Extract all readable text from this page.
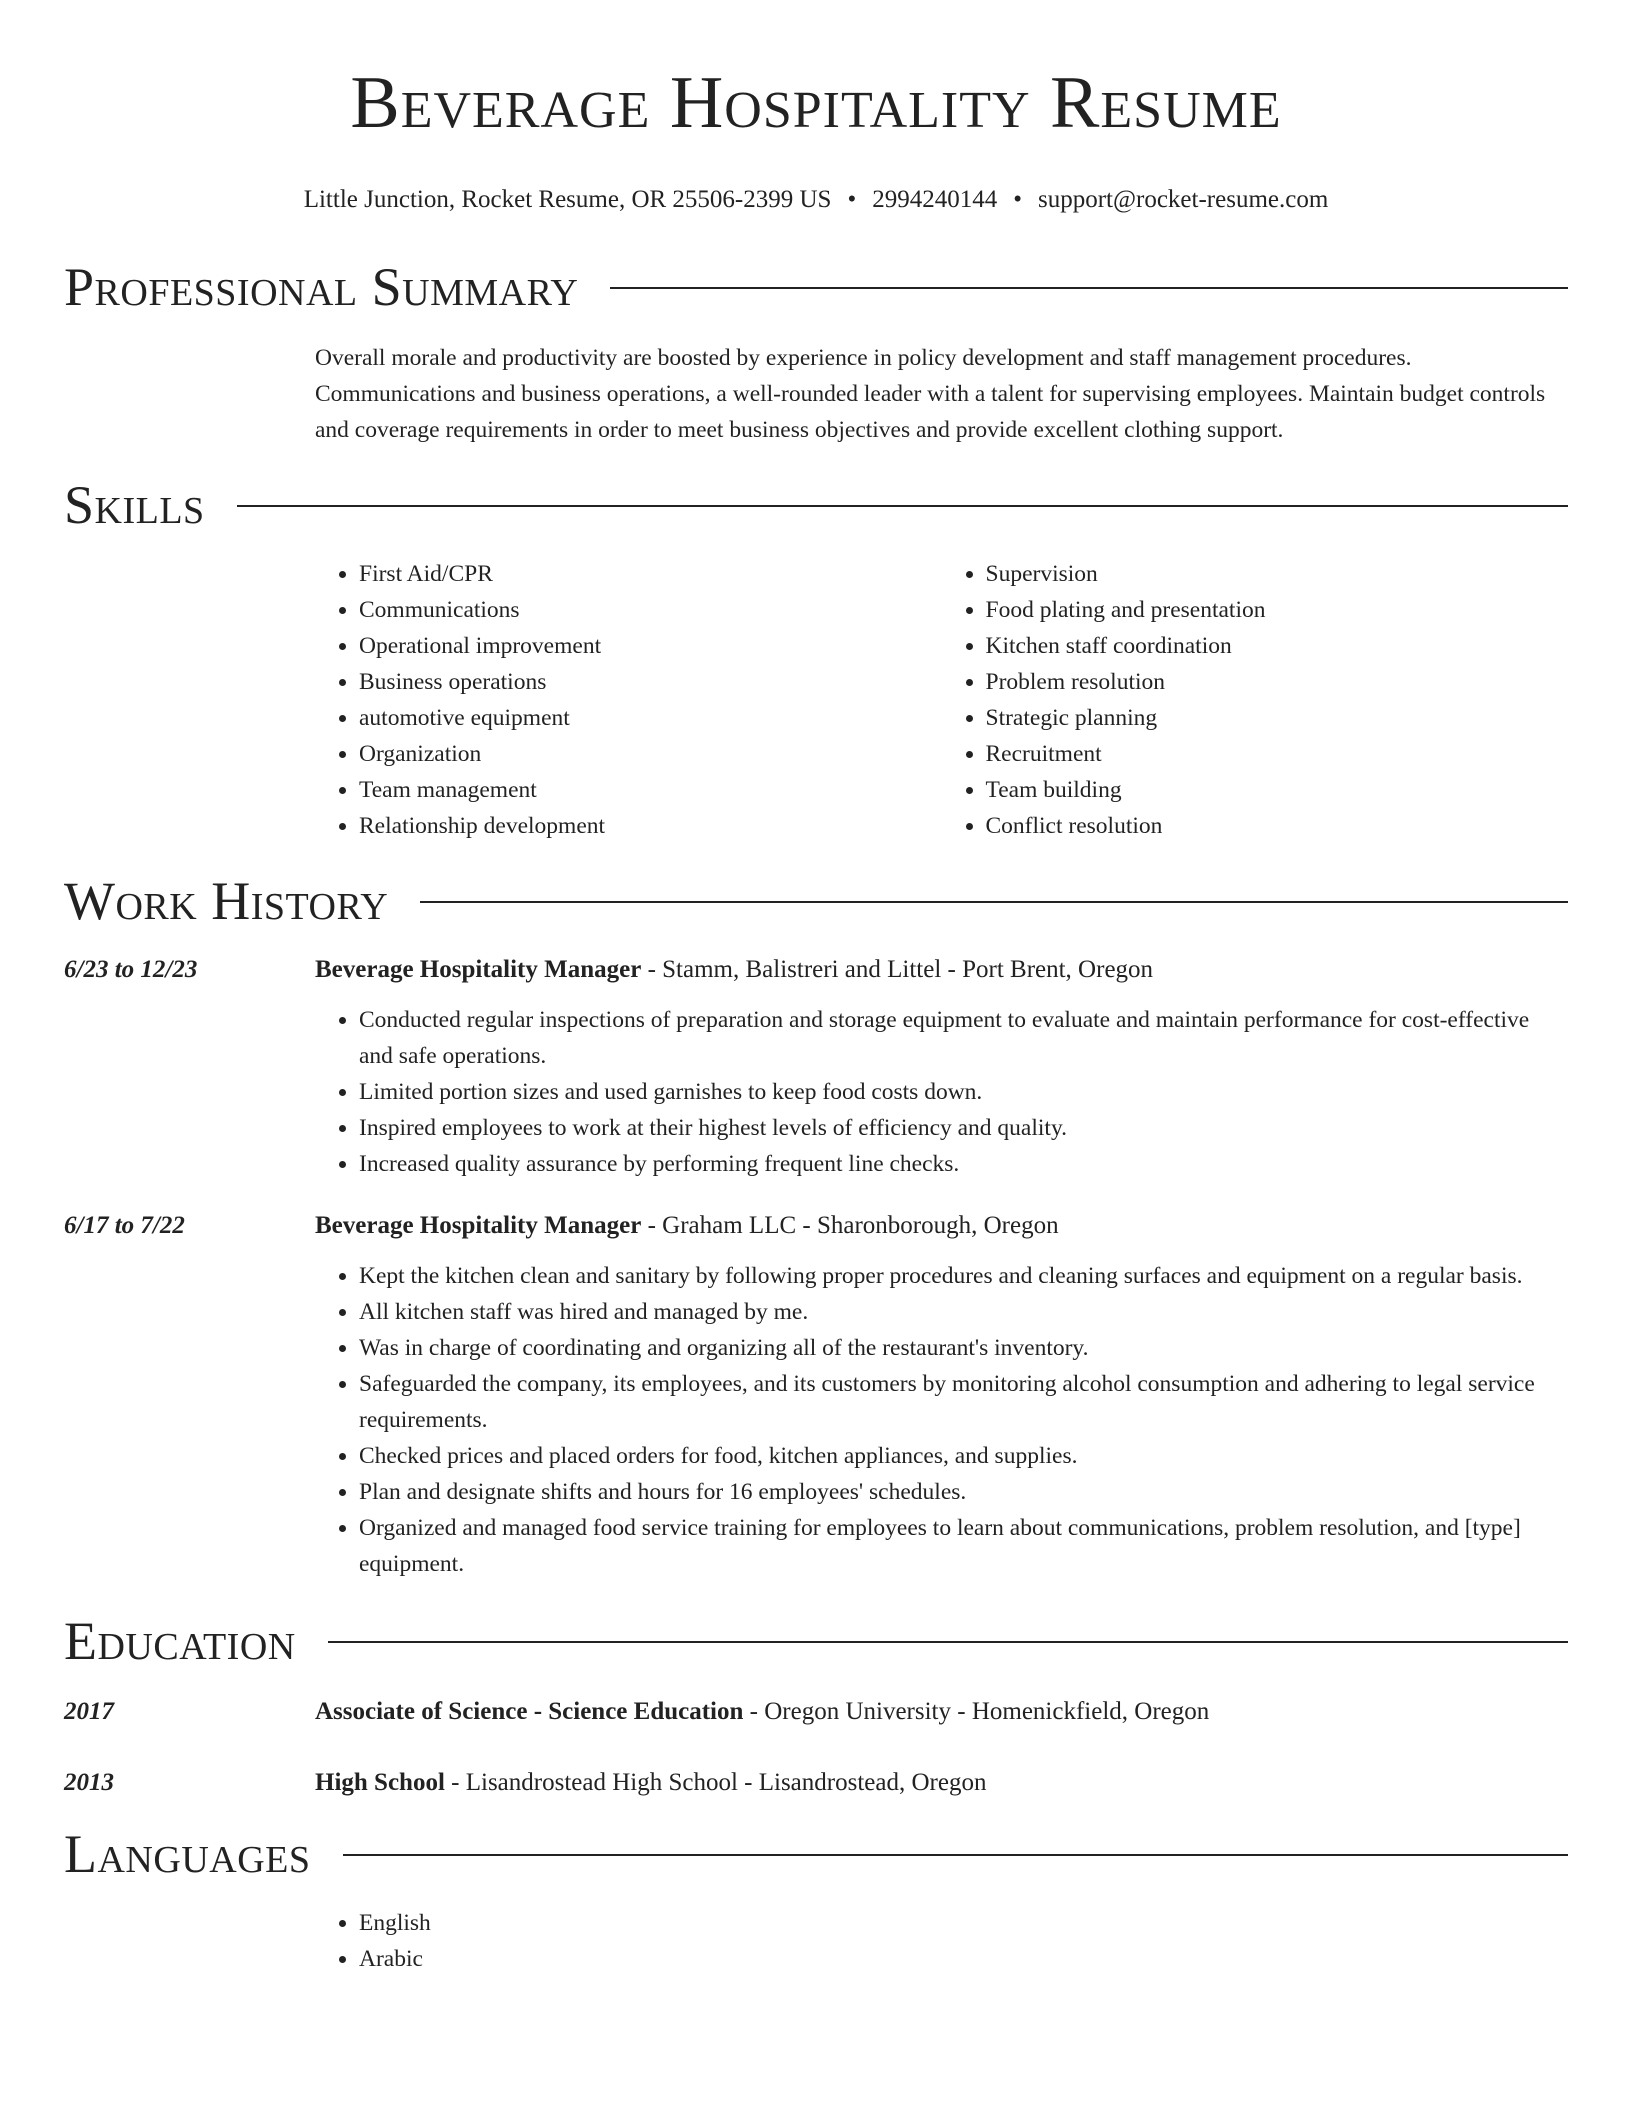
Beverage Hospitality Resume
Little Junction, Rocket Resume, OR 25506-2399 US • 2994240144 • support@rocket-resume.com
Professional Summary
Overall morale and productivity are boosted by experience in policy development and staff management procedures. Communications and business operations, a well-rounded leader with a talent for supervising employees. Maintain budget controls and coverage requirements in order to meet business objectives and provide excellent clothing support.
Skills
• First Aid/CPR
• Communications
• Operational improvement
• Business operations
• automotive equipment
• Organization
• Team management
• Relationship development
• Supervision
• Food plating and presentation
• Kitchen staff coordination
• Problem resolution
• Strategic planning
• Recruitment
• Team building
• Conflict resolution
Work History
6/23 to 12/23	Beverage Hospitality Manager - Stamm, Balistreri and Littel - Port Brent, Oregon
• Conducted regular inspections of preparation and storage equipment to evaluate and maintain performance for cost-effective and safe operations.
• Limited portion sizes and used garnishes to keep food costs down.
• Inspired employees to work at their highest levels of efficiency and quality.
• Increased quality assurance by performing frequent line checks.
6/17 to 7/22	Beverage Hospitality Manager - Graham LLC - Sharonborough, Oregon
• Kept the kitchen clean and sanitary by following proper procedures and cleaning surfaces and equipment on a regular basis.
• All kitchen staff was hired and managed by me.
• Was in charge of coordinating and organizing all of the restaurant's inventory.
• Safeguarded the company, its employees, and its customers by monitoring alcohol consumption and adhering to legal service requirements.
• Checked prices and placed orders for food, kitchen appliances, and supplies.
• Plan and designate shifts and hours for 16 employees' schedules.
• Organized and managed food service training for employees to learn about communications, problem resolution, and [type] equipment.
Education
2017	Associate of Science - Science Education - Oregon University - Homenickfield, Oregon
2013	High School - Lisandrostead High School - Lisandrostead, Oregon
Languages
• English
• Arabic
